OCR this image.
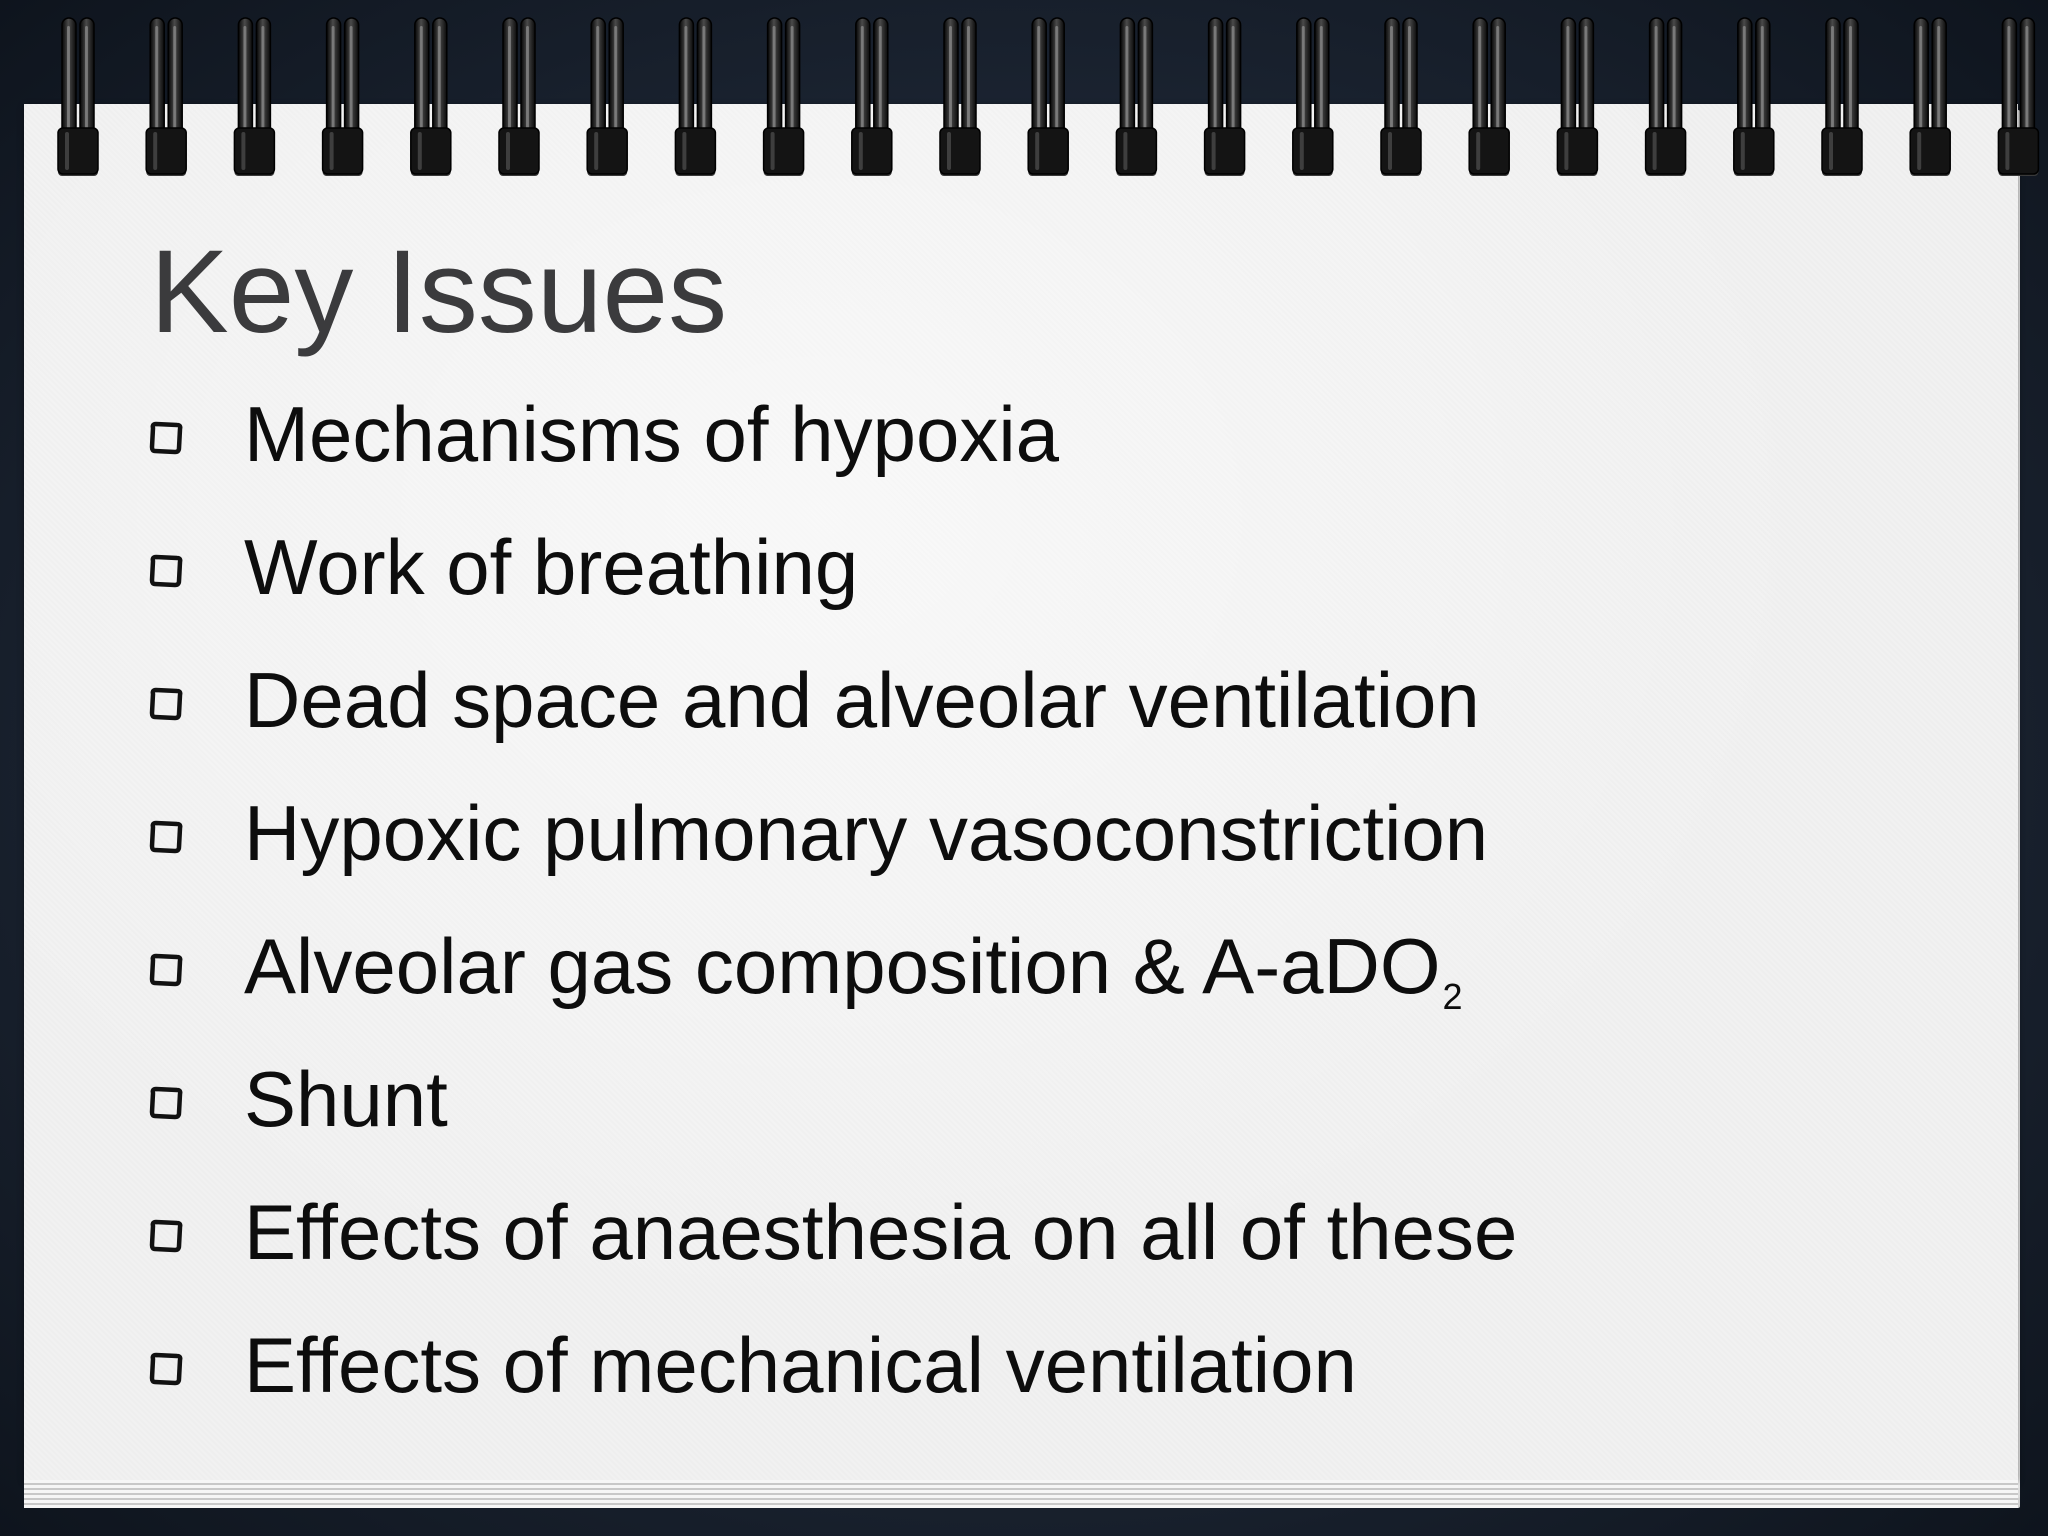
Key Issues
Mechanisms of hypoxia
Work of breathing
Dead space and alveolar ventilation
Hypoxic pulmonary vasoconstriction
Alveolar gas composition & A-aDO$_2$
Shunt
Effects of anaesthesia on all of these
Effects of mechanical ventilation
